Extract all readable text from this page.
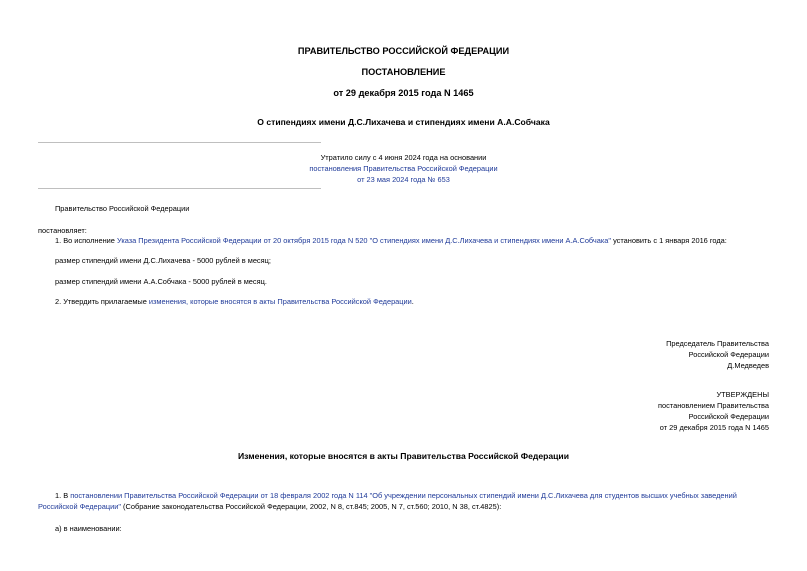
ПРАВИТЕЛЬСТВО РОССИЙСКОЙ ФЕДЕРАЦИИ
ПОСТАНОВЛЕНИЕ
от 29 декабря 2015 года N 1465
О стипендиях имени Д.С.Лихачева и стипендиях имени А.А.Собчака
Утратило силу с 4 июня 2024 года на основании
постановления Правительства Российской Федерации
от 23 мая 2024 года № 653
Правительство Российской Федерации
постановляет:
1. Во исполнение Указа Президента Российской Федерации от 20 октября 2015 года N 520 "О стипендиях имени Д.С.Лихачева и стипендиях имени А.А.Собчака" установить с 1 января 2016 года:
размер стипендий имени Д.С.Лихачева - 5000 рублей в месяц;
размер стипендий имени А.А.Собчака - 5000 рублей в месяц.
2. Утвердить прилагаемые изменения, которые вносятся в акты Правительства Российской Федерации.
Председатель Правительства
Российской Федерации
Д.Медведев
УТВЕРЖДЕНЫ
постановлением Правительства
Российской Федерации
от 29 декабря 2015 года N 1465
Изменения, которые вносятся в акты Правительства Российской Федерации
1. В постановлении Правительства Российской Федерации от 18 февраля 2002 года N 114 "Об учреждении персональных стипендий имени Д.С.Лихачева для студентов высших учебных заведений Российской Федерации" (Собрание законодательства Российской Федерации, 2002, N 8, ст.845; 2005, N 7, ст.560; 2010, N 38, ст.4825):
а) в наименовании:
